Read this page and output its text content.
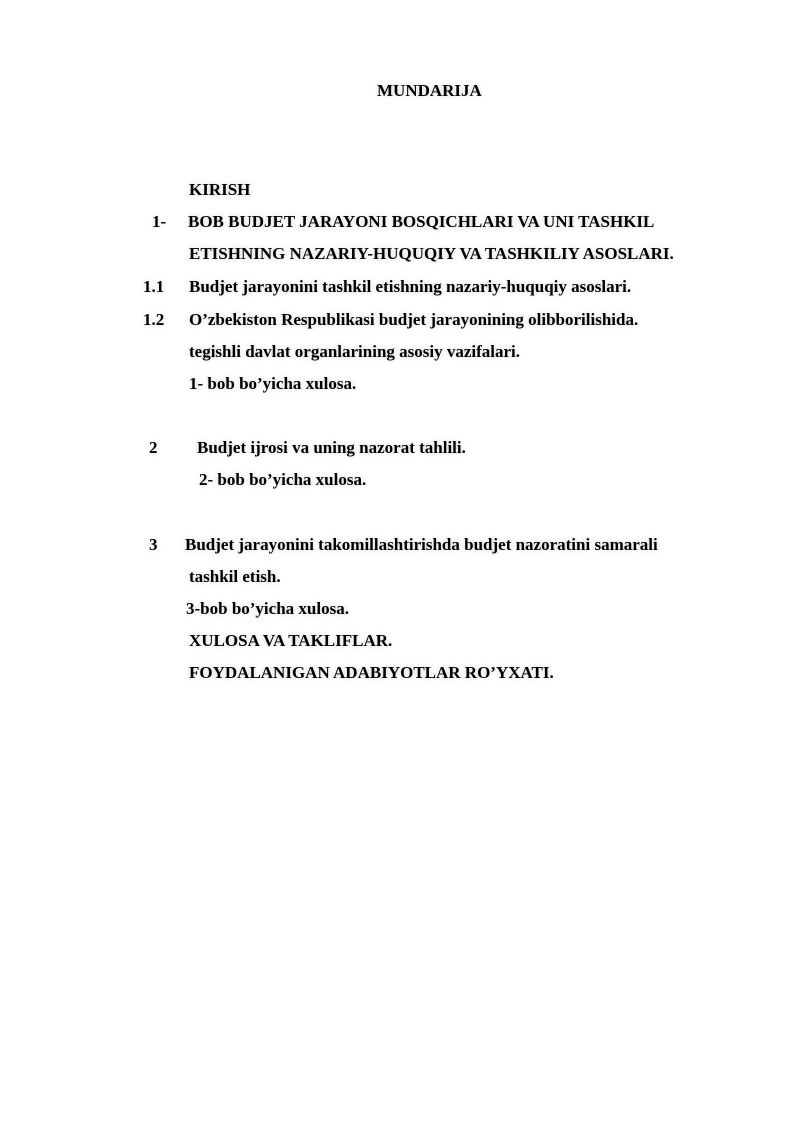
MUNDARIJA
KIRISH
1- BOB BUDJET JARAYONI BOSQICHLARI VA UNI TASHKIL
ETISHNING NAZARIY-HUQUQIY VA TASHKILIY ASOSLARI.
1.1 Budjet jarayonini tashkil etishning nazariy-huquqiy asoslari.
1.2 O’zbekiston Respublikasi budjet jarayonining olibborilishida.
tegishli davlat organlarining asosiy vazifalari.
1- bob bo’yicha xulosa.
2 Budjet ijrosi va uning nazorat tahlili.
2- bob bo’yicha xulosa.
3 Budjet jarayonini takomillashtirishda budjet nazoratini samarali
tashkil etish.
3-bob bo’yicha xulosa.
XULOSA VA TAKLIFLAR.
FOYDALANIGAN ADABIYOTLAR RO’YXATI.
